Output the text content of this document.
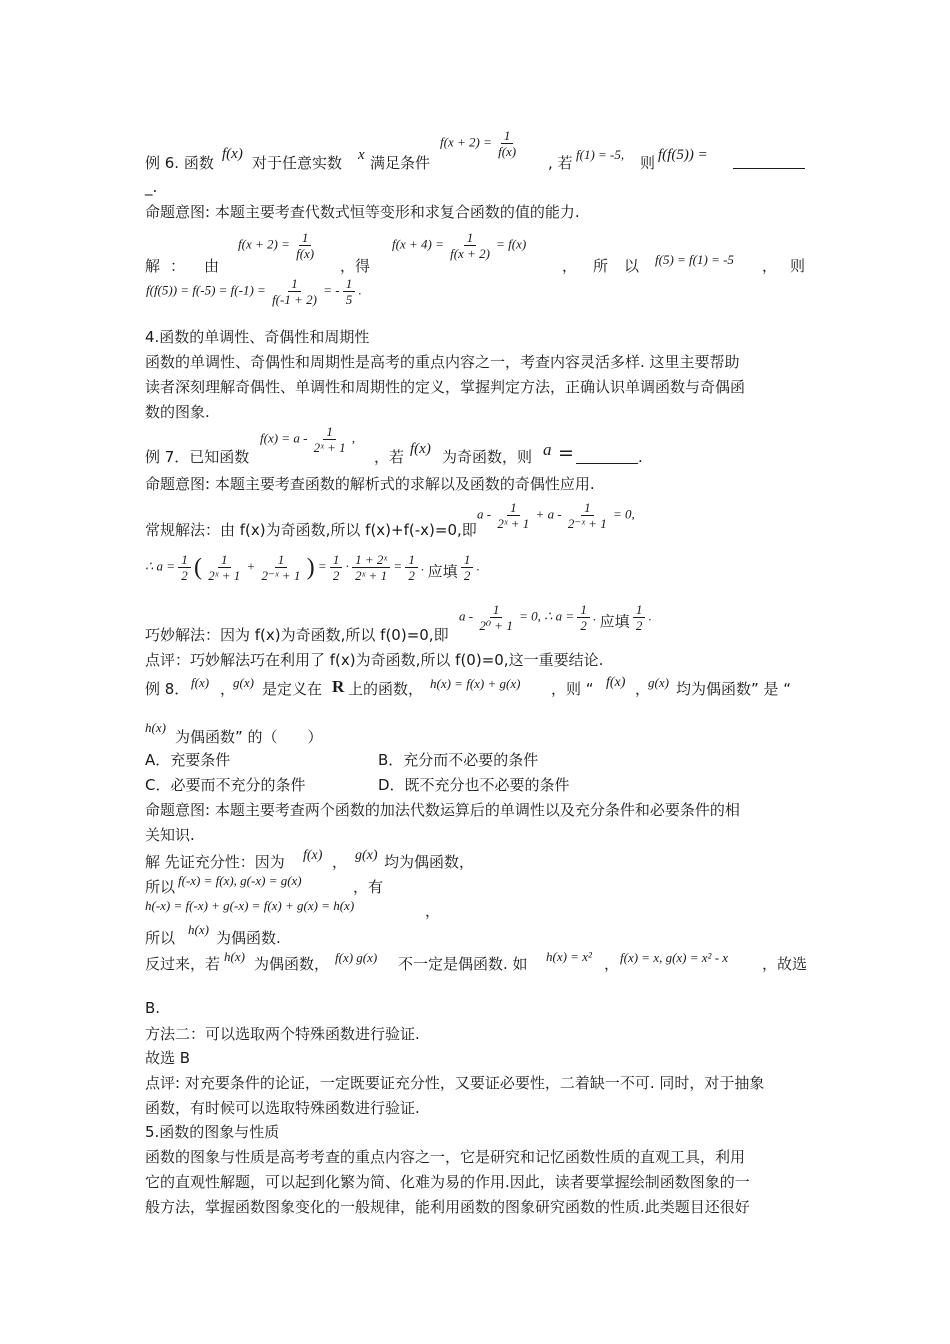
例 6. 函数 f(x) 对于任意实数 x 满足条件
$f(x + 2) = \frac{1}{f(x)}$
, 若 f(1) = -5, 则 f(f(5)) =
_.
命题意图: 本题主要考查代数式恒等变形和求复合函数的值的能力.
解 ： 由
$f(x + 2) = \frac{1}{f(x)}$
，得
$f(x + 4) = \frac{1}{f(x + 2)} = f(x)$
， 所 以 f(5) = f(1) = -5 ， 则
$f(f(5)) = f(-5) = f(-1) = \frac{1}{f(-1 + 2)}$ = - $\frac{1}{5}$ .
4.函数的单调性、奇偶性和周期性
函数的单调性、奇偶性和周期性是高考的重点内容之一，考查内容灵活多样. 这里主要帮助
读者深刻理解奇偶性、单调性和周期性的定义，掌握判定方法，正确认识单调函数与奇偶函
数的图象.
例 7．已知函数
$f(x) = a - \frac{1}{\text{2ˣ + 1}}$ ,
，若 f(x) 为奇函数，则 a =	.
命题意图: 本题主要考查函数的解析式的求解以及函数的奇偶性应用.
常规解法：由 f(x)为奇函数,所以 f(x)+f(-x)=0,即
$a - \frac{1}{\text{2ˣ + 1}} + a - \frac{1}{\text{2⁻ˣ + 1}} = 0$,
∴ $a = \frac{1}{2}$ ( $\frac{1}{\text{2ˣ + 1}} + \frac{1}{\text{2⁻ˣ + 1}}$ ) = $\frac{1}{2} \cdot \frac{\text{1 + 2ˣ}}{\text{2ˣ + 1}} = \frac{1}{2}$ . 应填 $\frac{1}{2}$ .
巧妙解法：因为 f(x)为奇函数,所以 f(0)=0,即
$a - \frac{1}{\text{2⁰ + 1}} = 0$, ∴ $a = \frac{1}{2}$ . 应填 $\frac{1}{2}$ .
点评：巧妙解法巧在利用了 f(x)为奇函数,所以 f(0)=0,这一重要结论.
例 8． f(x) ，
g(x) 是定义在 R 上的函数， h(x) = f(x) + g(x) ，则 “ f(x) ，
g(x) 均为偶函数” 是 “
h(x)
为偶函数” 的（　　）
A．充要条件	B．充分而不必要的条件
C．必要而不充分的条件	D．既不充分也不必要的条件
命题意图: 本题主要考查两个函数的加法代数运算后的单调性以及充分条件和必要条件的相
关知识.
解 先证充分性：因为 f(x) ， g(x) 均为偶函数，
所以 f(-x) = f(x), g(-x) = g(x)	，有
h(-x) = f(-x) + g(-x) = f(x) + g(x) = h(x)	，
所以 h(x) 为偶函数.
反过来，若 h(x) 为偶函数， f(x) g(x) 不一定是偶函数. 如 h(x) = x² ， f(x) = x, g(x) = x² - x ，故选
B.
方法二：可以选取两个特殊函数进行验证.
故选 B
点评: 对充要条件的论证，一定既要证充分性，又要证必要性，二着缺一不可. 同时，对于抽象
函数，有时候可以选取特殊函数进行验证.
5.函数的图象与性质
函数的图象与性质是高考考查的重点内容之一，它是研究和记忆函数性质的直观工具，利用
它的直观性解题，可以起到化繁为简、化难为易的作用.因此，读者要掌握绘制函数图象的一
般方法，掌握函数图象变化的一般规律，能利用函数的图象研究函数的性质.此类题目还很好
